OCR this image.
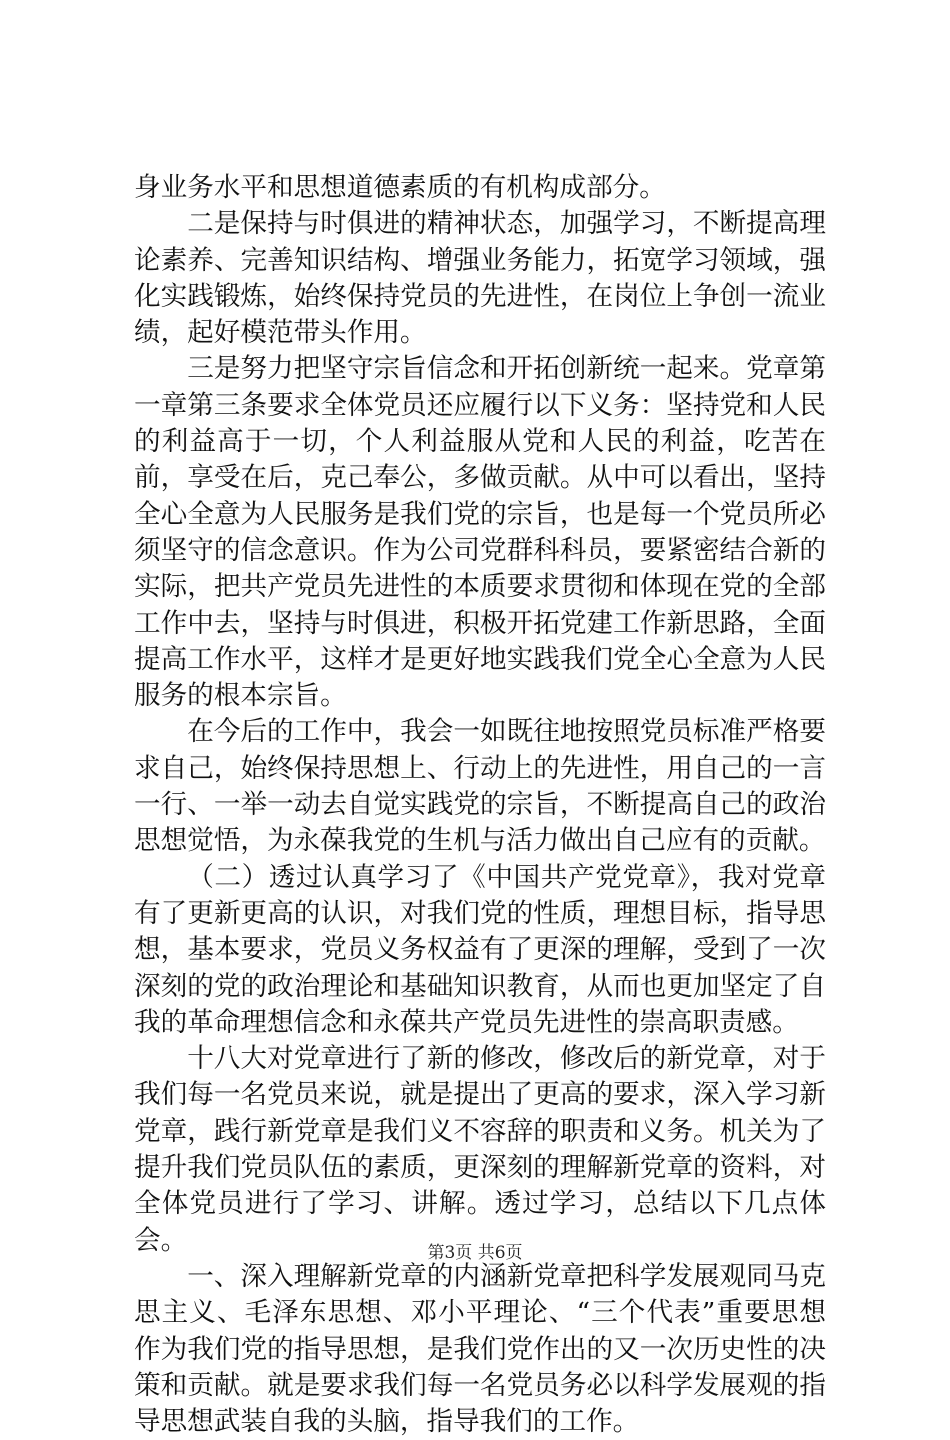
身业务水平和思想道德素质的有机构成部分。

二是保持与时俱进的精神状态，加强学习，不断提高理论素养、完善知识结构、增强业务能力，拓宽学习领域，强化实践锻炼，始终保持党员的先进性，在岗位上争创一流业绩，起好模范带头作用。

三是努力把坚守宗旨信念和开拓创新统一起来。党章第一章第三条要求全体党员还应履行以下义务：坚持党和人民的利益高于一切，个人利益服从党和人民的利益，吃苦在前，享受在后，克己奉公，多做贡献。从中可以看出，坚持全心全意为人民服务是我们党的宗旨，也是每一个党员所必须坚守的信念意识。作为公司党群科科员，要紧密结合新的实际，把共产党员先进性的本质要求贯彻和体现在党的全部工作中去，坚持与时俱进，积极开拓党建工作新思路，全面提高工作水平，这样才是更好地实践我们党全心全意为人民服务的根本宗旨。

在今后的工作中，我会一如既往地按照党员标准严格要求自己，始终保持思想上、行动上的先进性，用自己的一言一行、一举一动去自觉实践党的宗旨，不断提高自己的政治思想觉悟，为永葆我党的生机与活力做出自己应有的贡献。

（二）透过认真学习了《中国共产党党章》，我对党章有了更新更高的认识，对我们党的性质，理想目标，指导思想，基本要求，党员义务权益有了更深的理解，受到了一次深刻的党的政治理论和基础知识教育，从而也更加坚定了自我的革命理想信念和永葆共产党员先进性的崇高职责感。

十八大对党章进行了新的修改，修改后的新党章，对于我们每一名党员来说，就是提出了更高的要求，深入学习新党章，践行新党章是我们义不容辞的职责和义务。机关为了提升我们党员队伍的素质，更深刻的理解新党章的资料，对全体党员进行了学习、讲解。透过学习，总结以下几点体会。

一、深入理解新党章的内涵新党章把科学发展观同马克思主义、毛泽东思想、邓小平理论、“三个代表”重要思想作为我们党的指导思想，是我们党作出的又一次历史性的决策和贡献。就是要求我们每一名党员务必以科学发展观的指导思想武装自我的头脑，指导我们的工作。

第3页 共6页
